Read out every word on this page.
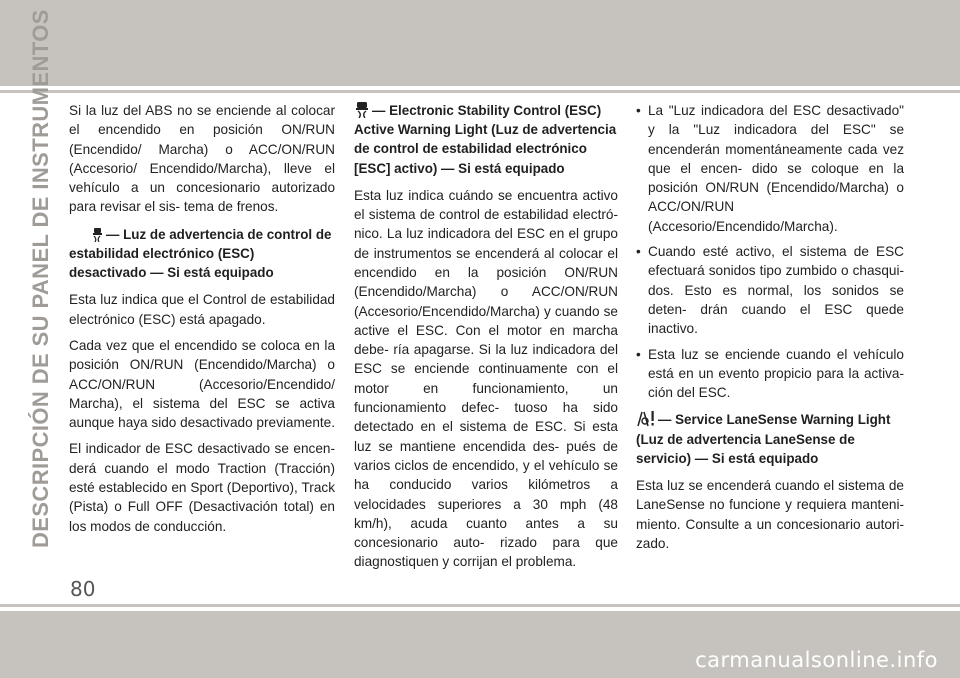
DESCRIPCIÓN DE SU PANEL DE INSTRUMENTOS Si la luz del ABS no se enciende al colocar el encendido en posición ON/RUN (Encendido/ Marcha) o ACC/ON/RUN (Accesorio/ Encendido/Marcha), lleve el vehículo a un concesionario autorizado para revisar el sis- tema de frenos.

— Luz de advertencia de control de estabilidad electrónico (ESC) desactivado — Si está equipado

Esta luz indica que el Control de estabilidad electrónico (ESC) está apagado.

Cada vez que el encendido se coloca en la posición ON/RUN (Encendido/Marcha) o ACC/ON/RUN (Accesorio/Encendido/ Marcha), el sistema del ESC se activa aunque haya sido desactivado previamente.

El indicador de ESC desactivado se encen- derá cuando el modo Traction (Tracción) esté establecido en Sport (Deportivo), Track (Pista) o Full OFF (Desactivación total) en los modos de conducción.

— Electronic Stability Control (ESC) Active Warning Light (Luz de advertencia de control de estabilidad electrónico [ESC] activo) — Si está equipado

Esta luz indica cuándo se encuentra activo el sistema de control de estabilidad electró- nico. La luz indicadora del ESC en el grupo de instrumentos se encenderá al colocar el encendido en la posición ON/RUN (Encendido/Marcha) o ACC/ON/RUN (Accesorio/Encendido/Marcha) y cuando se active el ESC. Con el motor en marcha debe- ría apagarse. Si la luz indicadora del ESC se enciende continuamente con el motor en funcionamiento, un funcionamiento defec- tuoso ha sido detectado en el sistema de ESC. Si esta luz se mantiene encendida des- pués de varios ciclos de encendido, y el vehículo se ha conducido varios kilómetros a velocidades superiores a 30 mph (48 km/h), acuda cuanto antes a su concesionario auto- rizado para que diagnostiquen y corrijan el problema.

• La "Luz indicadora del ESC desactivado" y la "Luz indicadora del ESC" se encenderán momentáneamente cada vez que el encen- dido se coloque en la posición ON/RUN (Encendido/Marcha) o ACC/ON/RUN (Accesorio/Encendido/Marcha).
• Cuando esté activo, el sistema de ESC efectuará sonidos tipo zumbido o chasqui- dos. Esto es normal, los sonidos se deten- drán cuando el ESC quede inactivo.
• Esta luz se enciende cuando el vehículo está en un evento propicio para la activa- ción del ESC.
— Service LaneSense Warning Light (Luz de advertencia LaneSense de servicio) — Si está equipado

Esta luz se encenderá cuando el sistema de LaneSense no funcione y requiera manteni- miento. Consulte a un concesionario autori- zado.

80
carmanualsonline.info
